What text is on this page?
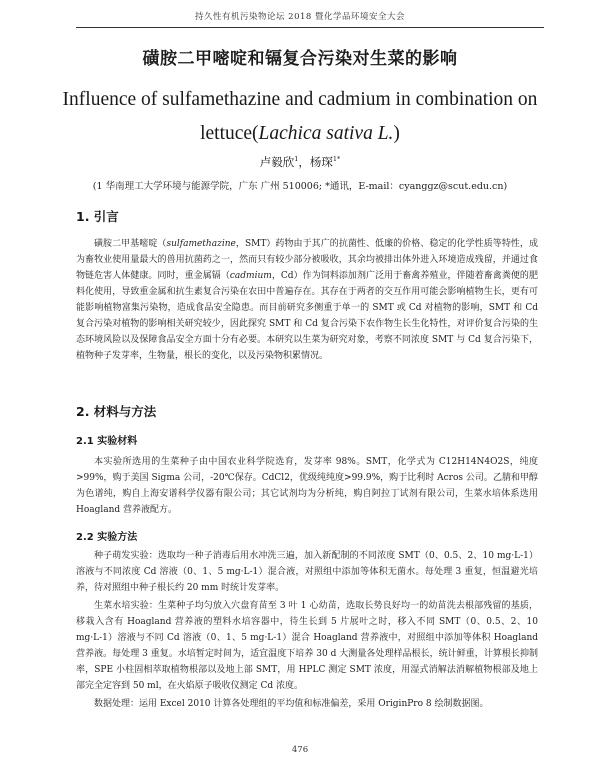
持久性有机污染物论坛 2018 暨化学品环境安全大会
磺胺二甲嘧啶和镉复合污染对生菜的影响
Influence of sulfamethazine and cadmium in combination on
lettuce(Lachica sativa L.)
卢毅欣$^1$，杨琛$^{1*}$
(1 华南理工大学环境与能源学院，广东 广州 510006; *通讯，E-mail：cyanggz@scut.edu.cn)
1. 引言

磺胺二甲基嘧啶（sulfamethazine，SMT）药物由于其广的抗菌性、低廉的价格、稳定的化学性质等特性，成为畜牧业使用量最大的兽用抗菌药之一，然而只有较少部分被吸收，其余均被排出体外进入环境造成残留，并通过食物链危害人体健康。同时，重金属镉（cadmium，Cd）作为饲料添加剂广泛用于畜禽养殖业，伴随着畜禽粪便的肥料化使用，导致重金属和抗生素复合污染在农田中普遍存在。其存在于两者的交互作用可能会影响植物生长，更有可能影响植物富集污染物，造成食品安全隐患。而目前研究多侧重于单一的 SMT 或 Cd 对植物的影响，SMT 和 Cd 复合污染对植物的影响相关研究较少，因此探究 SMT 和 Cd 复合污染下农作物生长生化特性，对评价复合污染的生态环境风险以及保障食品安全方面十分有必要。本研究以生菜为研究对象，考察不同浓度 SMT 与 Cd 复合污染下，植物种子发芽率，生物量，根长的变化，以及污染物积累情况。

2. 材料与方法
2.1 实验材料

本实验所选用的生菜种子由中国农业科学院选育，发芽率 98%。SMT，化学式为 C12H14N4O2S，纯度>99%，购于美国 Sigma 公司，-20℃保存。CdCl2，优级纯纯度>99.9%，购于比利时 Acros 公司。乙腈和甲醇为色谱纯，购自上海安谱科学仪器有限公司；其它试剂均为分析纯，购自阿拉丁试剂有限公司，生菜水培体系选用 Hoagland 营养液配方。

2.2 实验方法

种子萌发实验：选取均一种子消毒后用水冲洗三遍，加入新配制的不同浓度 SMT（0、0.5、2、10 mg·L-1）溶液与不同浓度 Cd 溶液（0、1、5 mg·L-1）混合液，对照组中添加等体积无菌水。每处理 3 重复，恒温避光培养，待对照组中种子根长约 20 mm 时统计发芽率。

生菜水培实验：生菜种子均匀放入穴盘育苗至 3 叶 1 心幼苗，选取长势良好均一的幼苗洗去根部残留的基质，移栽入含有 Hoagland 营养液的塑料水培容器中，待生长到 5 片展叶之时，移入不同 SMT（0、0.5、2、10 mg·L-1）溶液与不同 Cd 溶液（0、1、5 mg·L-1）混合 Hoagland 营养液中，对照组中添加等体积 Hoagland 营养液。每处理 3 重复。水培暂定时间为，适宜温度下培养 30 d 大测量各处理样品根长，统计鲜重，计算根长抑制率，SPE 小柱固相萃取植物根部以及地上部 SMT，用 HPLC 测定 SMT 浓度，用湿式消解法消解植物根部及地上部完全定容到 50 ml，在火焰原子吸收仪测定 Cd 浓度。

数据处理：运用 Excel 2010 计算各处理组的平均值和标准偏差，采用 OriginPro 8 绘制数据图。

476
